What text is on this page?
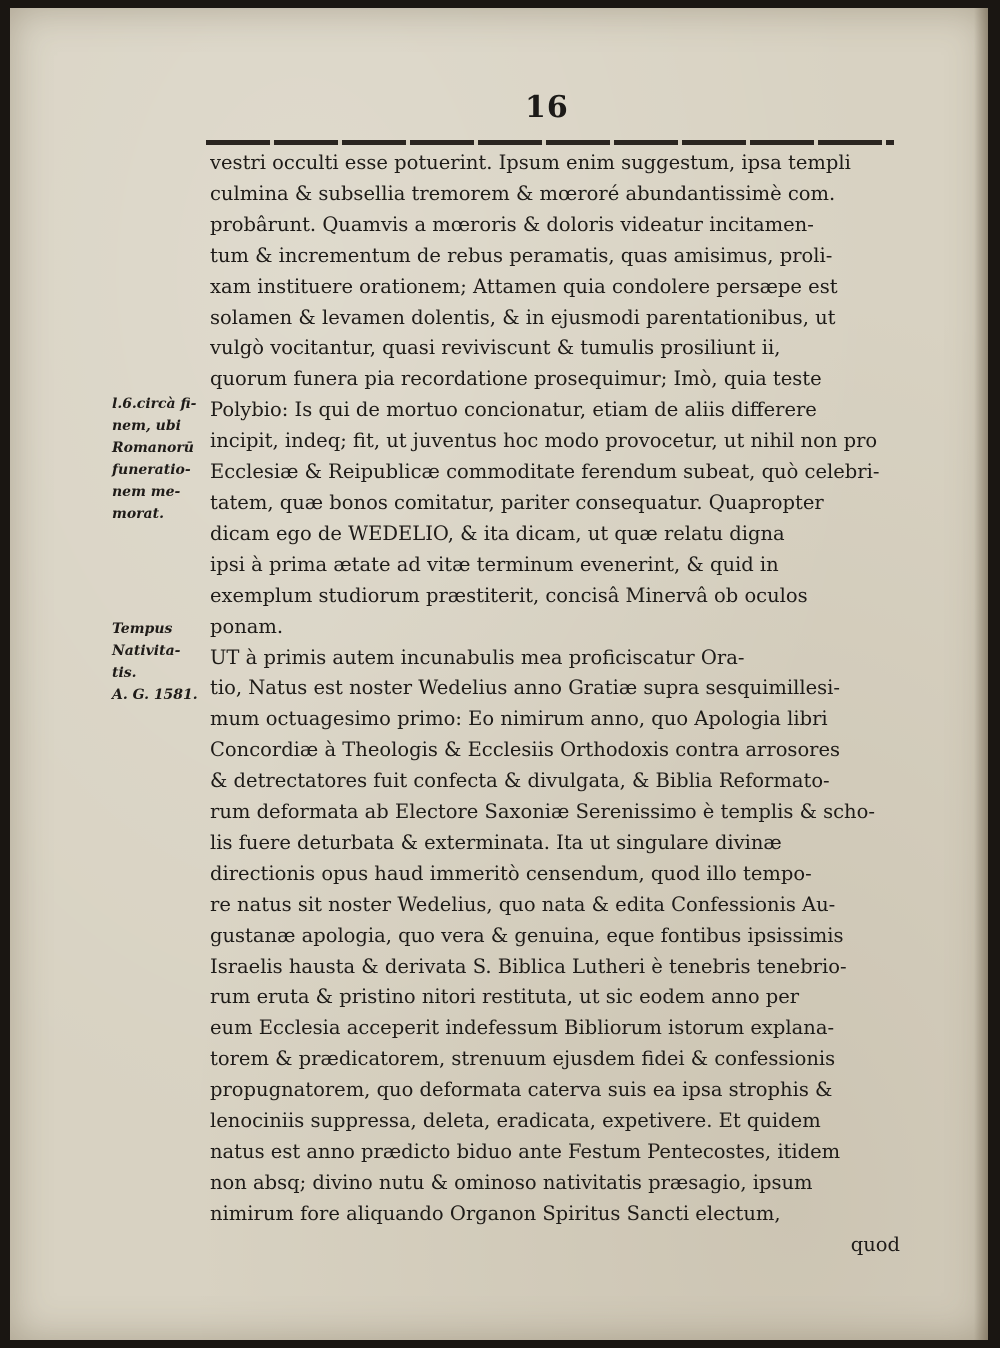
16
vestri occulti esse potuerint. Ipsum enim suggestum, ipsa templi
culmina & subsellia tremorem & mœroré abundantissimè com.
probârunt. Quamvis a mœroris & doloris videatur incitamen-
tum & incrementum de rebus peramatis, quas amisimus, proli-
xam instituere orationem; Attamen quia condolere persæpe est
solamen & levamen dolentis, & in ejusmodi parentationibus, ut
vulgò vocitantur, quasi reviviscunt & tumulis prosiliunt ii,
quorum funera pia recordatione prosequimur; Imò, quia teste
Polybio: Is qui de mortuo concionatur, etiam de aliis differere
incipit, indeq; fit, ut juventus hoc modo provocetur, ut nihil non pro
Ecclesiæ & Reipublicæ commoditate ferendum subeat, quò celebri-
tatem, quæ bonos comitatur, pariter consequatur. Quapropter
dicam ego de WEDELIO, & ita dicam, ut quæ relatu digna
ipsi à prima ætate ad vitæ terminum evenerint, & quid in
exemplum studiorum præstiterit, concisâ Minervâ ob oculos
ponam.
UT à primis autem incunabulis mea proficiscatur Ora-
tio, Natus est noster Wedelius anno Gratiæ supra sesquimillesi-
mum octuagesimo primo: Eo nimirum anno, quo Apologia libri
Concordiæ à Theologis & Ecclesiis Orthodoxis contra arrosores
& detrectatores fuit confecta & divulgata, & Biblia Reformato-
rum deformata ab Electore Saxoniæ Serenissimo è templis & scho-
lis fuere deturbata & exterminata. Ita ut singulare divinæ
directionis opus haud immeritò censendum, quod illo tempo-
re natus sit noster Wedelius, quo nata & edita Confessionis Au-
gustanæ apologia, quo vera & genuina, eque fontibus ipsissimis
Israelis hausta & derivata S. Biblica Lutheri è tenebris tenebrio-
rum eruta & pristino nitori restituta, ut sic eodem anno per
eum Ecclesia acceperit indefessum Bibliorum istorum explana-
torem & prædicatorem, strenuum ejusdem fidei & confessionis
propugnatorem, quo deformata caterva suis ea ipsa strophis &
lenociniis suppressa, deleta, eradicata, expetivere. Et quidem
natus est anno prædicto biduo ante Festum Pentecostes, itidem
non absq; divino nutu & ominoso nativitatis præsagio, ipsum
nimirum fore aliquando Organon Spiritus Sancti electum,
quod
l.6.circà fi-
nem, ubi
Romanorū
funeratio-
nem me-
morat.
Tempus
Nativita-
tis.
A. G. 1581.
